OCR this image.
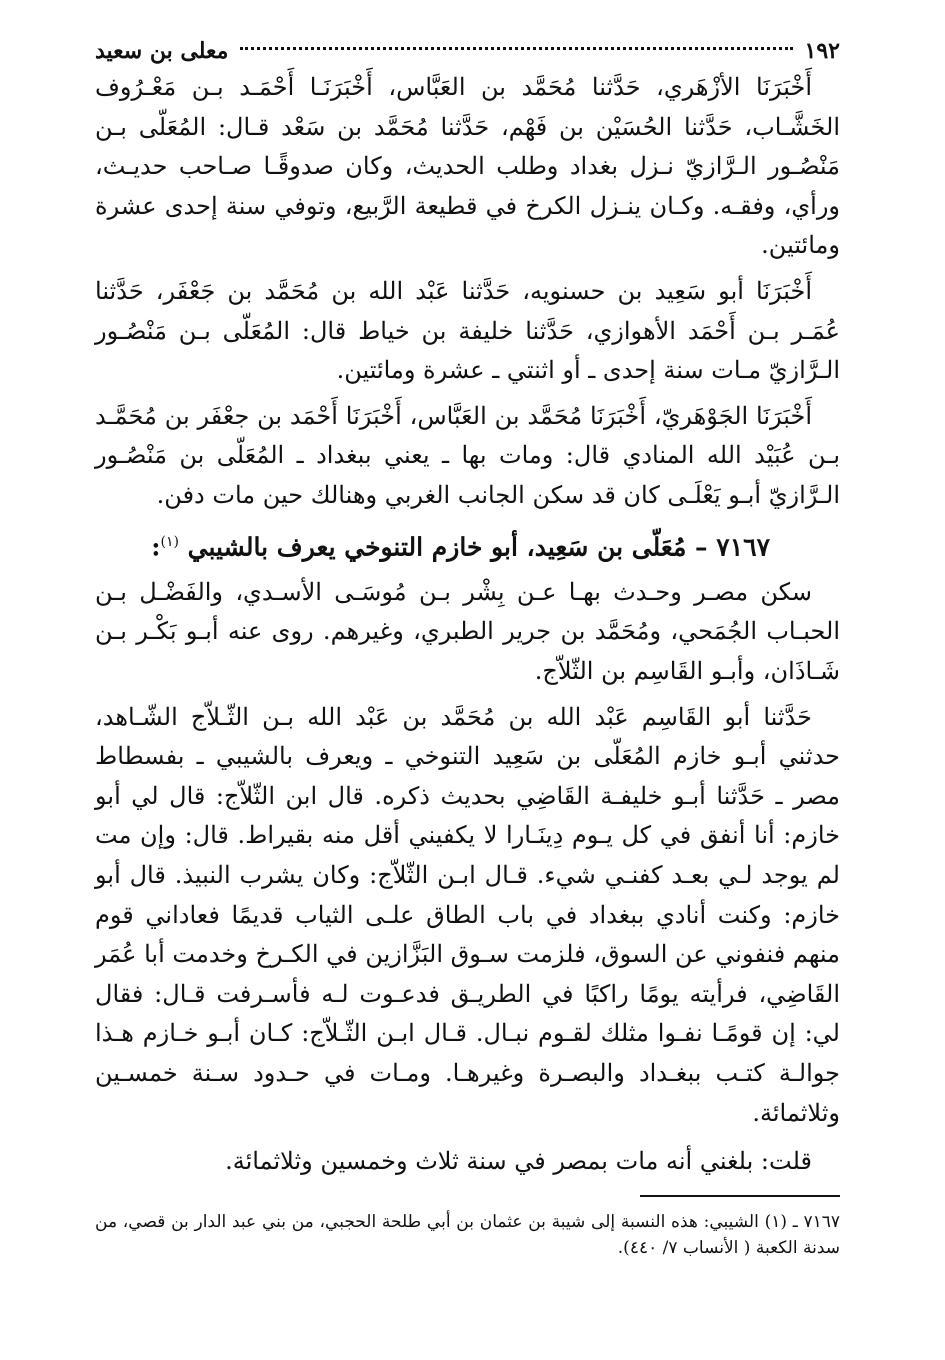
١٩٢
معلى بن سعيد

أَخْبَرَنَا الأزْهَري، حَدَّثنا مُحَمَّد بن العَبَّاس، أَخْبَرَنَـا أَحْمَـد بـن مَعْـرُوف الخَشَّـاب، حَدَّثنا الحُسَيْن بن فَهْم، حَدَّثنا مُحَمَّد بن سَعْد قـال: المُعَلّى بـن مَنْصُـور الـرَّازيّ نـزل بغداد وطلب الحديث، وكان صدوقًـا صـاحب حديـث، ورأي، وفقـه. وكـان ينـزل الكرخ في قطيعة الرَّبيع، وتوفي سنة إحدى عشرة ومائتين.

أَخْبَرَنَا أبو سَعِيد بن حسنويه، حَدَّثنا عَبْد الله بن مُحَمَّد بن جَعْفَر، حَدَّثنا عُمَـر بـن أَحْمَد الأهوازي، حَدَّثنا خليفة بن خياط قال: المُعَلّى بـن مَنْصُـور الـرَّازيّ مـات سنة إحدى ـ أو اثنتي ـ عشرة ومائتين.

أَخْبَرَنَا الجَوْهَريّ، أَخْبَرَنَا مُحَمَّد بن العَبَّاس، أَخْبَرَنَا أَحْمَد بن جعْفَر بن مُحَمَّـد بـن عُبَيْد الله المنادي قال: ومات بها ـ يعني ببغداد ـ المُعَلّى بن مَنْصُـور الـرَّازيّ أبـو يَعْلَـى كان قد سكن الجانب الغربي وهنالك حين مات دفن.

٧١٦٧ – مُعَلّى بن سَعِيد، أبو خازم التنوخي يعرف بالشيبي $^{(١)}$:

سكن مصـر وحـدث بهـا عـن بِشْر بـن مُوسَـى الأسـدي، والفَضْـل بـن الحبـاب الجُمَحي، ومُحَمَّد بن جرير الطبري، وغيرهم. روى عنه أبـو بَكْـر بـن شَـاذَان، وأبـو القَاسِم بن الثّلاّج.

حَدَّثنا أبو القَاسِم عَبْد الله بن مُحَمَّد بن عَبْد الله بـن الثّـلاّج الشّـاهد، حدثني أبـو خازم المُعَلّى بن سَعِيد التنوخي ـ ويعرف بالشيبي ـ بفسطاط مصر ـ حَدَّثنا أبـو خليفـة القَاضِي بحديث ذكره. قال ابن الثّلاّج: قال لي أبو خازم: أنا أنفق في كل يـوم دِينَـارا لا يكفيني أقل منه بقيراط. قال: وإن مت لم يوجد لـي بعـد كفنـي شيء. قـال ابـن الثّلاّج: وكان يشرب النبيذ. قال أبو خازم: وكنت أنادي ببغداد في باب الطاق علـى الثياب قديمًا فعاداني قوم منهم فنفوني عن السوق، فلزمت سـوق البَزَّازين في الكـرخ وخدمت أبا عُمَر القَاضِي، فرأيته يومًا راكبًا في الطريـق فدعـوت لـه فأسـرفت قـال: فقال لي: إن قومًـا نفـوا مثلك لقـوم نبـال. قـال ابـن الثّـلاّج: كـان أبـو خـازم هـذا جوالـة كتـب ببغـداد والبصـرة وغيرهـا. ومـات في حـدود سـنة خمسـين وثلاثمائة.

قلت: بلغني أنه مات بمصر في سنة ثلاث وخمسين وثلاثمائة.

٧١٦٧ ـ (١) الشيبي: هذه النسبة إلى شيبة بن عثمان بن أبي طلحة الحجبي، من بني عبد الدار بن قصي، من سدنة الكعبة ( الأنساب ٧/ ٤٤٠).
